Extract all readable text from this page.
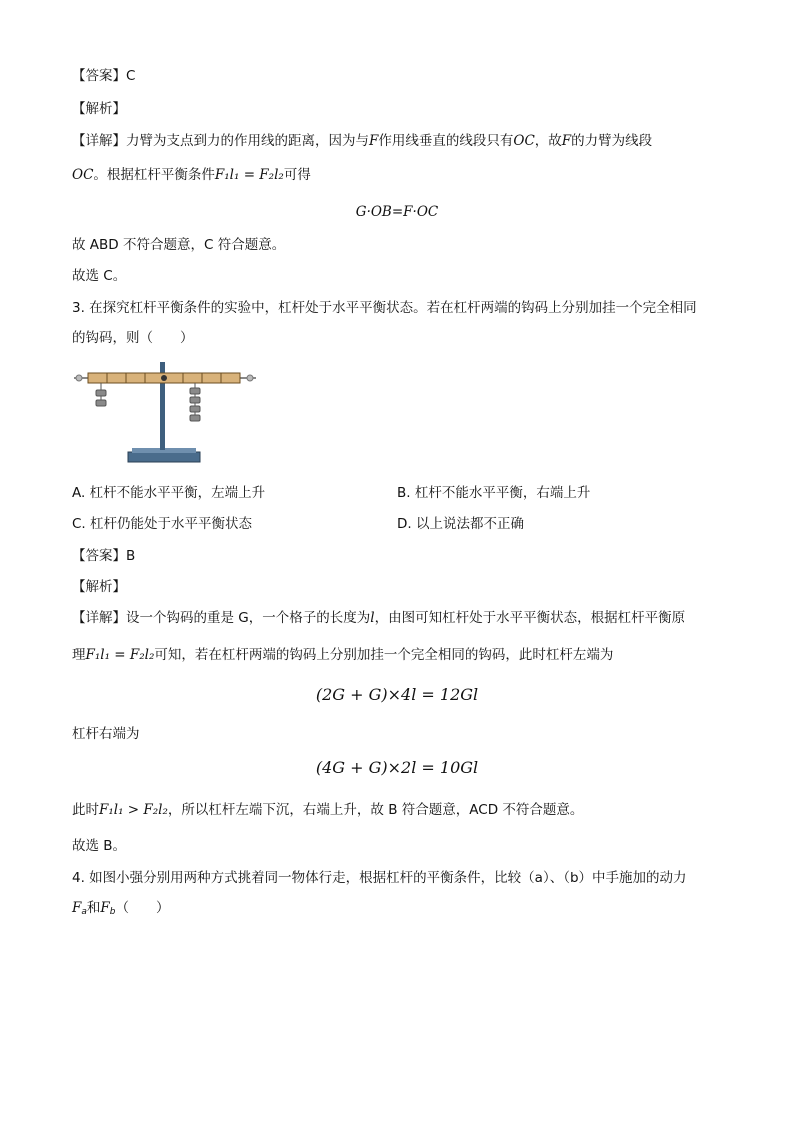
【答案】C
【解析】
【详解】力臂为支点到力的作用线的距离，因为与F作用线垂直的线段只有OC，故F的力臂为线段
OC。根据杠杆平衡条件F₁l₁ = F₂l₂可得
G·OB=F·OC
故 ABD 不符合题意，C 符合题意。
故选 C。
3. 在探究杠杆平衡条件的实验中，杠杆处于水平平衡状态。若在杠杆两端的钩码上分别加挂一个完全相同
的钩码，则（　　）
A. 杠杆不能水平平衡，左端上升	B. 杠杆不能水平平衡，右端上升
C. 杠杆仍能处于水平平衡状态	D. 以上说法都不正确
【答案】B
【解析】
【详解】设一个钩码的重是 G，一个格子的长度为l，由图可知杠杆处于水平平衡状态，根据杠杆平衡原
理F₁l₁ = F₂l₂可知，若在杠杆两端的钩码上分别加挂一个完全相同的钩码，此时杠杆左端为
(2G + G)×4l = 12Gl
杠杆右端为
(4G + G)×2l = 10Gl
此时F₁l₁ > F₂l₂，所以杠杆左端下沉，右端上升，故 B 符合题意，ACD 不符合题意。
故选 B。
4. 如图小强分别用两种方式挑着同一物体行走，根据杠杆的平衡条件，比较（a）、（b）中手施加的动力
$F_a$和$F_b$（　　）
